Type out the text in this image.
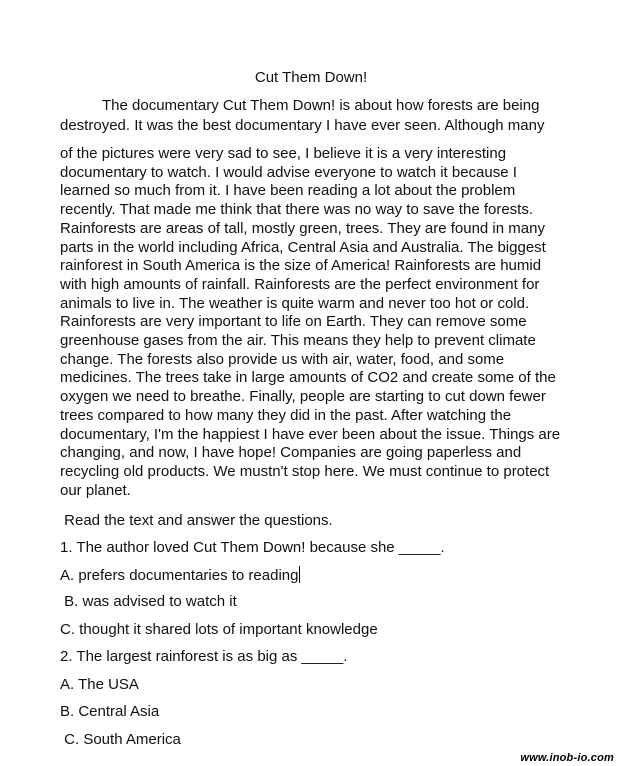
Cut Them Down!

The documentary Cut Them Down! is about how forests are being
destroyed. It was the best documentary I have ever seen. Although many

of the pictures were very sad to see, I believe it is a very interesting
documentary to watch. I would advise everyone to watch it because I
learned so much from it. I have been reading a lot about the problem
recently. That made me think that there was no way to save the forests.
Rainforests are areas of tall, mostly green, trees. They are found in many
parts in the world including Africa, Central Asia and Australia. The biggest
rainforest in South America is the size of America! Rainforests are humid
with high amounts of rainfall. Rainforests are the perfect environment for
animals to live in. The weather is quite warm and never too hot or cold.
Rainforests are very important to life on Earth. They can remove some
greenhouse gases from the air. This means they help to prevent climate
change. The forests also provide us with air, water, food, and some
medicines. The trees take in large amounts of CO2 and create some of the
oxygen we need to breathe. Finally, people are starting to cut down fewer
trees compared to how many they did in the past. After watching the
documentary, I'm the happiest I have ever been about the issue. Things are
changing, and now, I have hope! Companies are going paperless and
recycling old products. We mustn't stop here. We must continue to protect
our planet.

Read the text and answer the questions.
1. The author loved Cut Them Down! because she _____.
A. prefers documentaries to reading
B. was advised to watch it
C. thought it shared lots of important knowledge
2. The largest rainforest is as big as _____.
A. The USA
B. Central Asia
C. South America
www.inob-io.com
